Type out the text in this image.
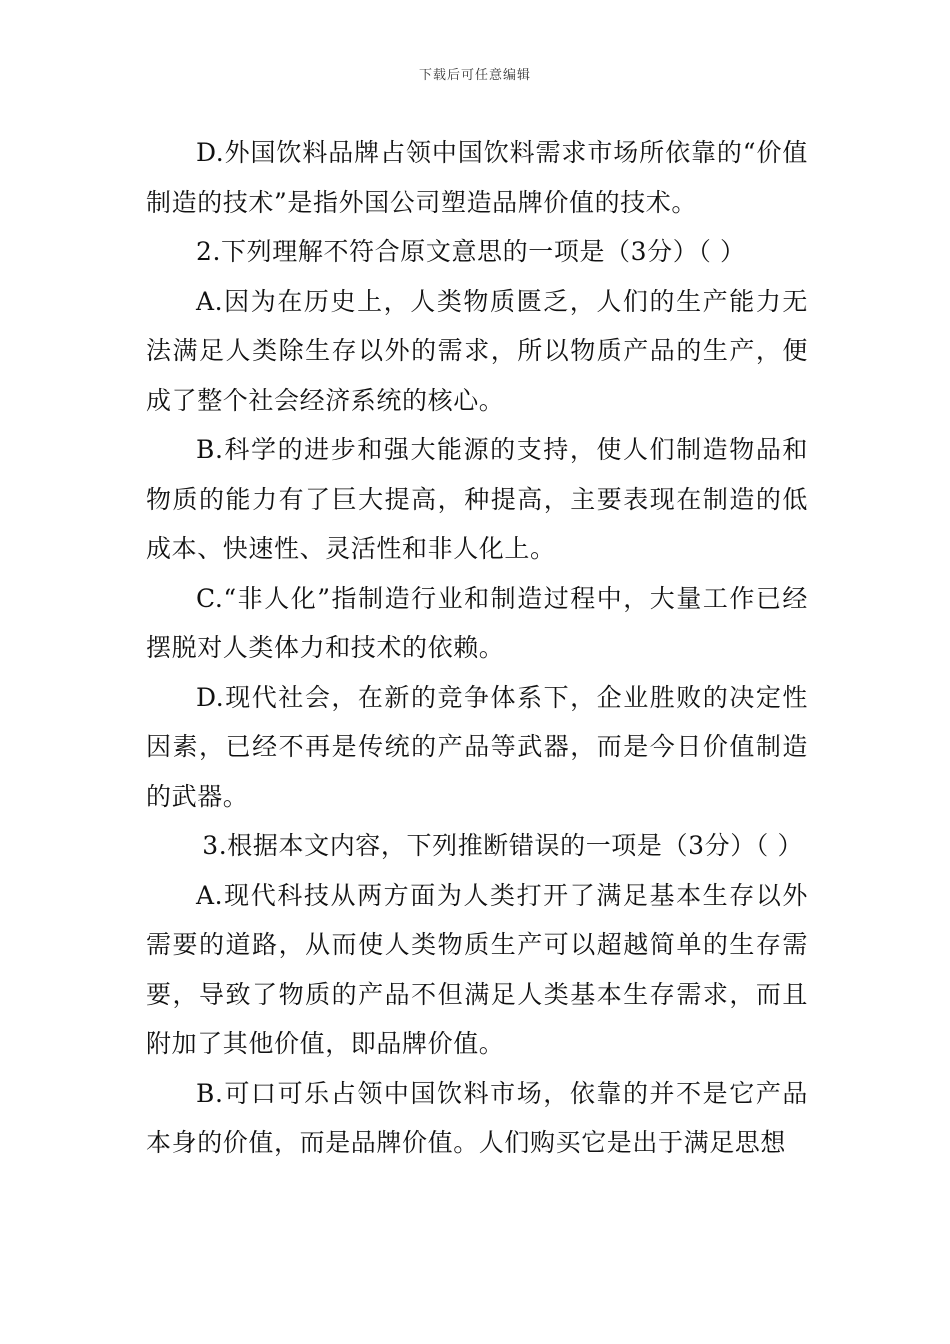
下载后可任意编辑

D.外国饮料品牌占领中国饮料需求市场所依靠的“价值制造的技术”是指外国公司塑造品牌价值的技术。

2.下列理解不符合原文意思的一项是（3分）（ ）

A.因为在历史上，人类物质匮乏，人们的生产能力无法满足人类除生存以外的需求，所以物质产品的生产，便成了整个社会经济系统的核心。

B.科学的进步和强大能源的支持，使人们制造物品和物质的能力有了巨大提高，种提高，主要表现在制造的低成本、快速性、灵活性和非人化上。

C.“非人化”指制造行业和制造过程中，大量工作已经摆脱对人类体力和技术的依赖。

D.现代社会，在新的竞争体系下，企业胜败的决定性因素，已经不再是传统的产品等武器，而是今日价值制造的武器。

3.根据本文内容，下列推断错误的一项是（3分）（ ）

A.现代科技从两方面为人类打开了满足基本生存以外需要的道路，从而使人类物质生产可以超越简单的生存需要，导致了物质的产品不但满足人类基本生存需求，而且附加了其他价值，即品牌价值。

B.可口可乐占领中国饮料市场，依靠的并不是它产品本身的价值，而是品牌价值。人们购买它是出于满足思想
